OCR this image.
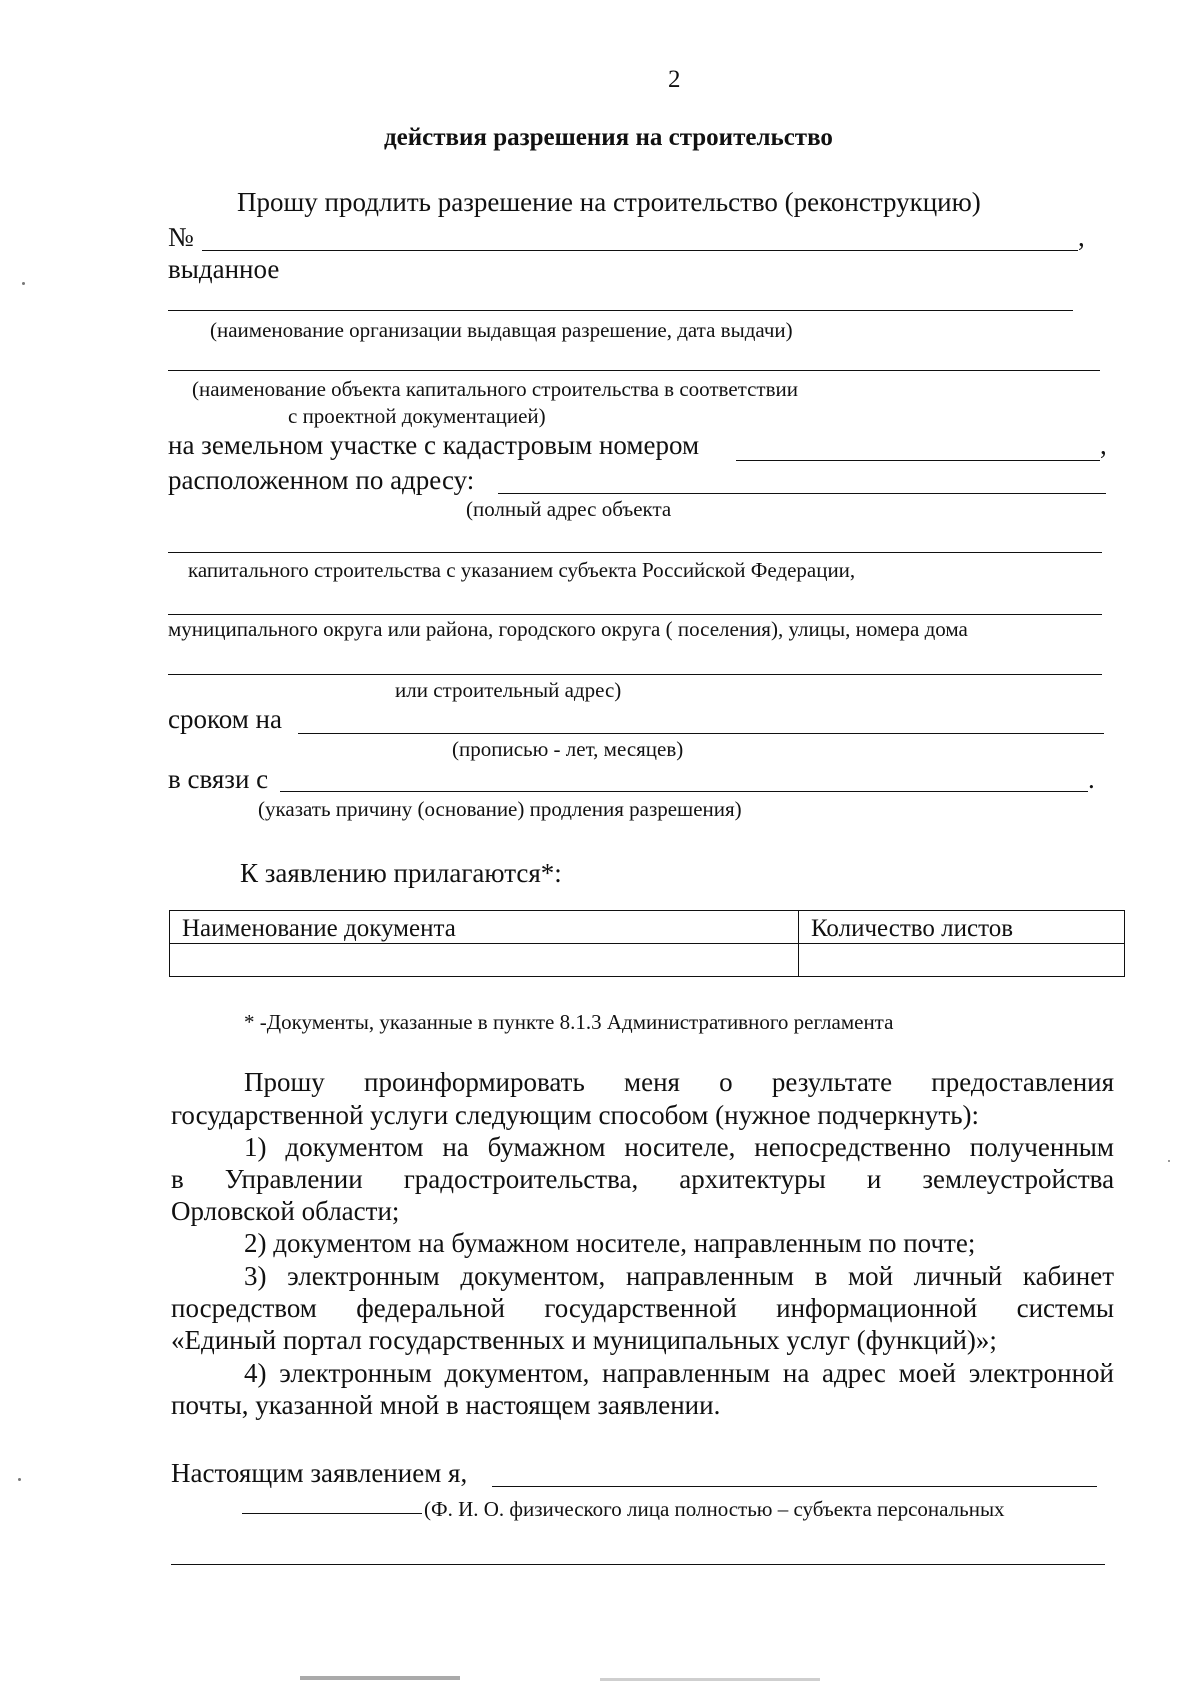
2
действия разрешения на строительство
Прошу продлить разрешение на строительство (реконструкцию)
№	,
выданное
(наименование организации выдавщая разрешение, дата выдачи)
(наименование объекта капитального строительства в соответствии
с проектной документацией)
на земельном участке с кадастровым номером	,
расположенном по адресу:
(полный адрес объекта
капитального строительства с указанием субъекта Российской Федерации,
муниципального округа или района, городского округа ( поселения), улицы, номера дома
или строительный адрес)
сроком на
(прописью - лет, месяцев)
в связи с	.
(указать причину (основание) продления разрешения)
К заявлению прилагаются*:
Наименование документа	Количество листов

* -Документы, указанные в пункте 8.1.3 Административного регламента
Прошу проинформировать меня о результате предоставления
государственной услуги следующим способом (нужное подчеркнуть):
1) документом на бумажном носителе, непосредственно полученным
в Управлении градостроительства, архитектуры и землеустройства
Орловской области;
2) документом на бумажном носителе, направленным по почте;
3) электронным документом, направленным в мой личный кабинет
посредством федеральной государственной информационной системы
«Единый портал государственных и муниципальных услуг (функций)»;
4) электронным документом, направленным на адрес моей электронной
почты, указанной мной в настоящем заявлении.
Настоящим заявлением я,
(Ф. И. О. физического лица полностью – субъекта персональных
